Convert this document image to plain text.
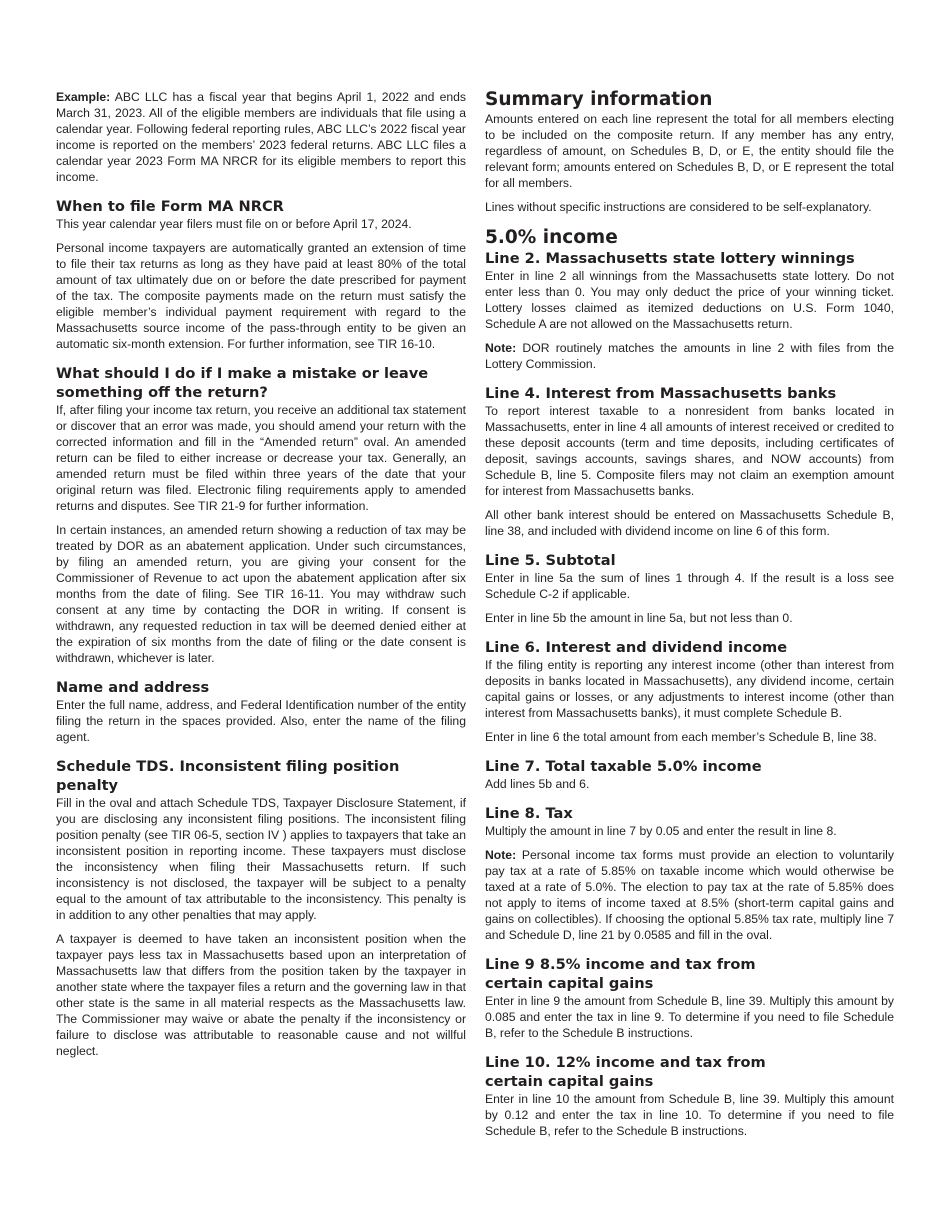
Example: ABC LLC has a fiscal year that begins April 1, 2022 and ends March 31, 2023. All of the eligible members are individuals that file using a calendar year. Following federal reporting rules, ABC LLC’s 2022 fiscal year income is reported on the members’ 2023 federal returns. ABC LLC files a calendar year 2023 Form MA NRCR for its eligible members to report this income.

When to file Form MA NRCR

This year calendar year filers must file on or before April 17, 2024.

Personal income taxpayers are automatically granted an extension of time to file their tax returns as long as they have paid at least 80% of the total amount of tax ultimately due on or before the date prescribed for payment of the tax. The composite payments made on the return must satisfy the eligible member’s individual payment requirement with regard to the Massachusetts source income of the pass-through entity to be given an automatic six-month extension. For further information, see TIR 16-10.

What should I do if I make a mistake or leave something off the return?

If, after filing your income tax return, you receive an additional tax statement or discover that an error was made, you should amend your return with the corrected information and fill in the “Amended return” oval. An amended return can be filed to either increase or decrease your tax. Generally, an amended return must be filed within three years of the date that your original return was filed. Electronic filing requirements apply to amended returns and disputes. See TIR 21-9 for further information.

In certain instances, an amended return showing a reduction of tax may be treated by DOR as an abatement application. Under such circumstances, by filing an amended return, you are giving your consent for the Commissioner of Revenue to act upon the abatement application after six months from the date of filing. See TIR 16-11. You may withdraw such consent at any time by contacting the DOR in writing. If consent is withdrawn, any requested reduction in tax will be deemed denied either at the expiration of six months from the date of filing or the date consent is withdrawn, whichever is later.

Name and address

Enter the full name, address, and Federal Identification number of the entity filing the return in the spaces provided. Also, enter the name of the filing agent.

Schedule TDS. Inconsistent filing position penalty

Fill in the oval and attach Schedule TDS, Taxpayer Disclosure Statement, if you are disclosing any inconsistent filing positions. The inconsistent filing position penalty (see TIR 06-5, section IV ) applies to taxpayers that take an inconsistent position in reporting income. These taxpayers must disclose the inconsistency when filing their Massachusetts return. If such inconsistency is not disclosed, the taxpayer will be subject to a penalty equal to the amount of tax attributable to the inconsistency. This penalty is in addition to any other penalties that may apply.

A taxpayer is deemed to have taken an inconsistent position when the taxpayer pays less tax in Massachusetts based upon an interpretation of Massachusetts law that differs from the position taken by the taxpayer in another state where the taxpayer files a return and the governing law in that other state is the same in all material respects as the Massachusetts law. The Commissioner may waive or abate the penalty if the inconsistency or failure to disclose was attributable to reasonable cause and not willful neglect.

Summary information

Amounts entered on each line represent the total for all members electing to be included on the composite return. If any member has any entry, regardless of amount, on Schedules B, D, or E, the entity should file the relevant form; amounts entered on Schedules B, D, or E represent the total for all members.

Lines without specific instructions are considered to be self-explanatory.

5.0% income
Line 2. Massachusetts state lottery winnings

Enter in line 2 all winnings from the Massachusetts state lottery. Do not enter less than 0. You may only deduct the price of your winning ticket. Lottery losses claimed as itemized deductions on U.S. Form 1040, Schedule A are not allowed on the Massachusetts return.

Note: DOR routinely matches the amounts in line 2 with files from the Lottery Commission.

Line 4. Interest from Massachusetts banks

To report interest taxable to a nonresident from banks located in Massachusetts, enter in line 4 all amounts of interest received or credited to these deposit accounts (term and time deposits, including certificates of deposit, savings accounts, savings shares, and NOW accounts) from Schedule B, line 5. Composite filers may not claim an exemption amount for interest from Massachusetts banks.

All other bank interest should be entered on Massachusetts Schedule B, line 38, and included with dividend income on line 6 of this form.

Line 5. Subtotal

Enter in line 5a the sum of lines 1 through 4. If the result is a loss see Schedule C-2 if applicable.

Enter in line 5b the amount in line 5a, but not less than 0.

Line 6. Interest and dividend income

If the filing entity is reporting any interest income (other than interest from deposits in banks located in Massachusetts), any dividend income, certain capital gains or losses, or any adjustments to interest income (other than interest from Massachusetts banks), it must complete Schedule B.

Enter in line 6 the total amount from each member’s Schedule B, line 38.

Line 7. Total taxable 5.0% income

Add lines 5b and 6.

Line 8. Tax

Multiply the amount in line 7 by 0.05 and enter the result in line 8.

Note: Personal income tax forms must provide an election to voluntarily pay tax at a rate of 5.85% on taxable income which would otherwise be taxed at a rate of 5.0%. The election to pay tax at the rate of 5.85% does not apply to items of income taxed at 8.5% (short-term capital gains and gains on collectibles). If choosing the optional 5.85% tax rate, multiply line 7 and Schedule D, line 21 by 0.0585 and fill in the oval.

Line 9 8.5% income and tax from
certain capital gains

Enter in line 9 the amount from Schedule B, line 39. Multiply this amount by 0.085 and enter the tax in line 9. To determine if you need to file Schedule B, refer to the Schedule B instructions.

Line 10. 12% income and tax from
certain capital gains

Enter in line 10 the amount from Schedule B, line 39. Multiply this amount by 0.12 and enter the tax in line 10. To determine if you need to file Schedule B, refer to the Schedule B instructions.
